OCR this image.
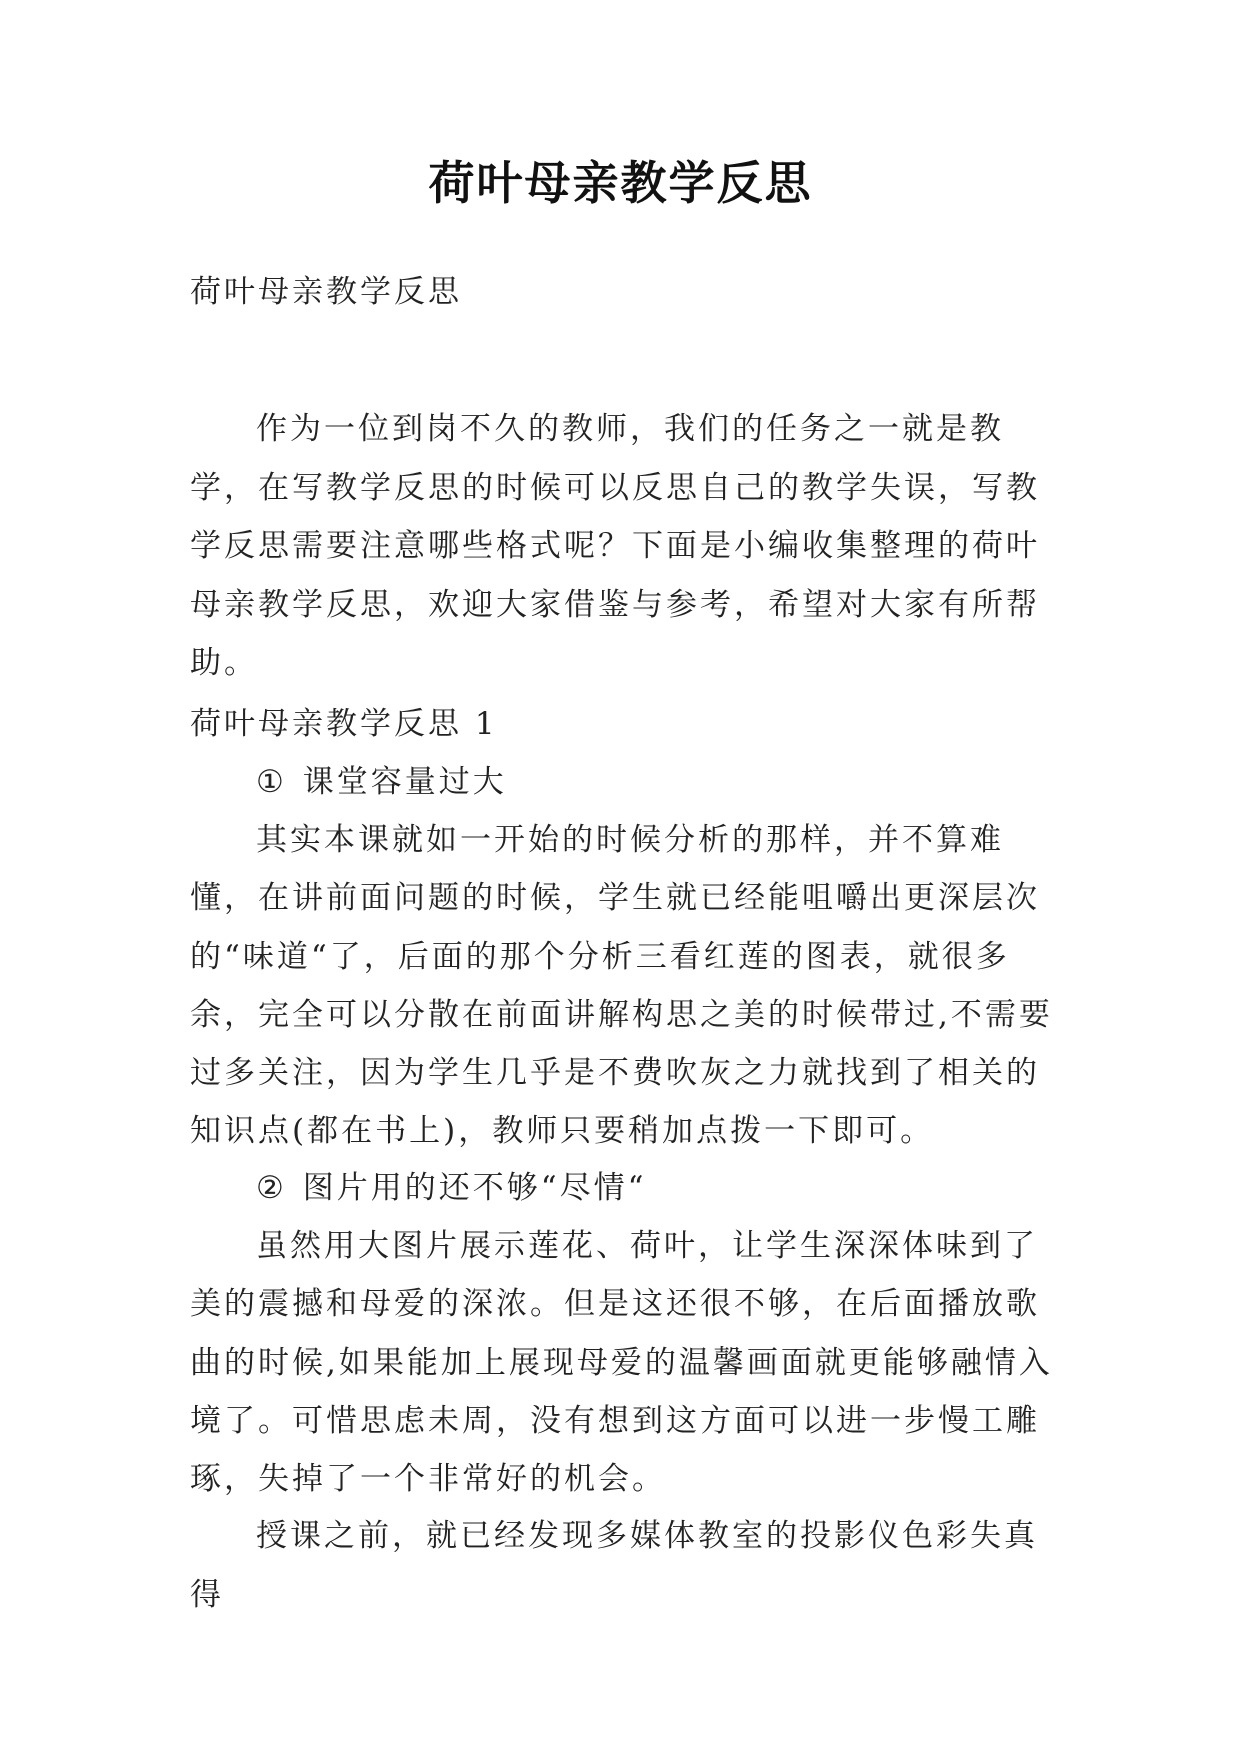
荷叶母亲教学反思

荷叶母亲教学反思

作为一位到岗不久的教师，我们的任务之一就是教学，在写教学反思的时候可以反思自己的教学失误，写教学反思需要注意哪些格式呢？下面是小编收集整理的荷叶母亲教学反思，欢迎大家借鉴与参考，希望对大家有所帮助。

荷叶母亲教学反思 1

① 课堂容量过大

其实本课就如一开始的时候分析的那样，并不算难懂，在讲前面问题的时候，学生就已经能咀嚼出更深层次的“味道“了，后面的那个分析三看红莲的图表，就很多余，完全可以分散在前面讲解构思之美的时候带过,不需要过多关注，因为学生几乎是不费吹灰之力就找到了相关的知识点(都在书上)，教师只要稍加点拨一下即可。

② 图片用的还不够“尽情“

虽然用大图片展示莲花、荷叶，让学生深深体味到了美的震撼和母爱的深浓。但是这还很不够，在后面播放歌曲的时候,如果能加上展现母爱的温馨画面就更能够融情入境了。可惜思虑未周，没有想到这方面可以进一步慢工雕琢，失掉了一个非常好的机会。

授课之前，就已经发现多媒体教室的投影仪色彩失真得
